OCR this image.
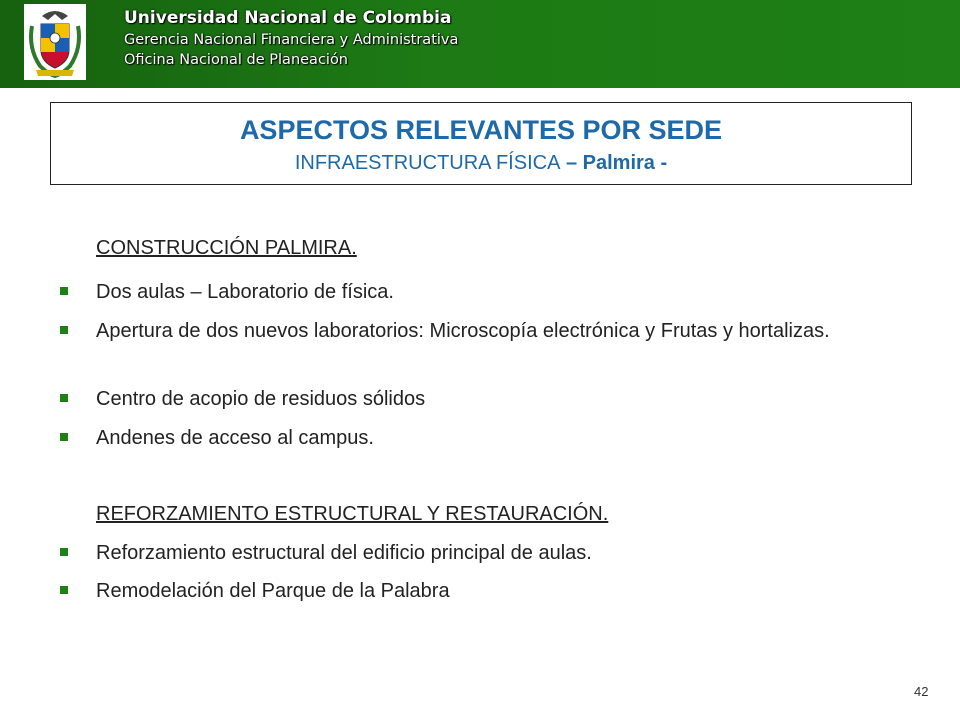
Universidad Nacional de Colombia
Gerencia Nacional Financiera y Administrativa
Oficina Nacional de Planeación
ASPECTOS RELEVANTES POR SEDE
INFRAESTRUCTURA FÍSICA – Palmira -
CONSTRUCCIÓN PALMIRA.
Dos aulas – Laboratorio de física.
Apertura de dos nuevos laboratorios: Microscopía electrónica y Frutas y hortalizas.
Centro de acopio de residuos sólidos
Andenes de acceso al campus.
REFORZAMIENTO ESTRUCTURAL Y RESTAURACIÓN.
Reforzamiento estructural del edificio principal de aulas.
Remodelación del Parque de la Palabra
42
